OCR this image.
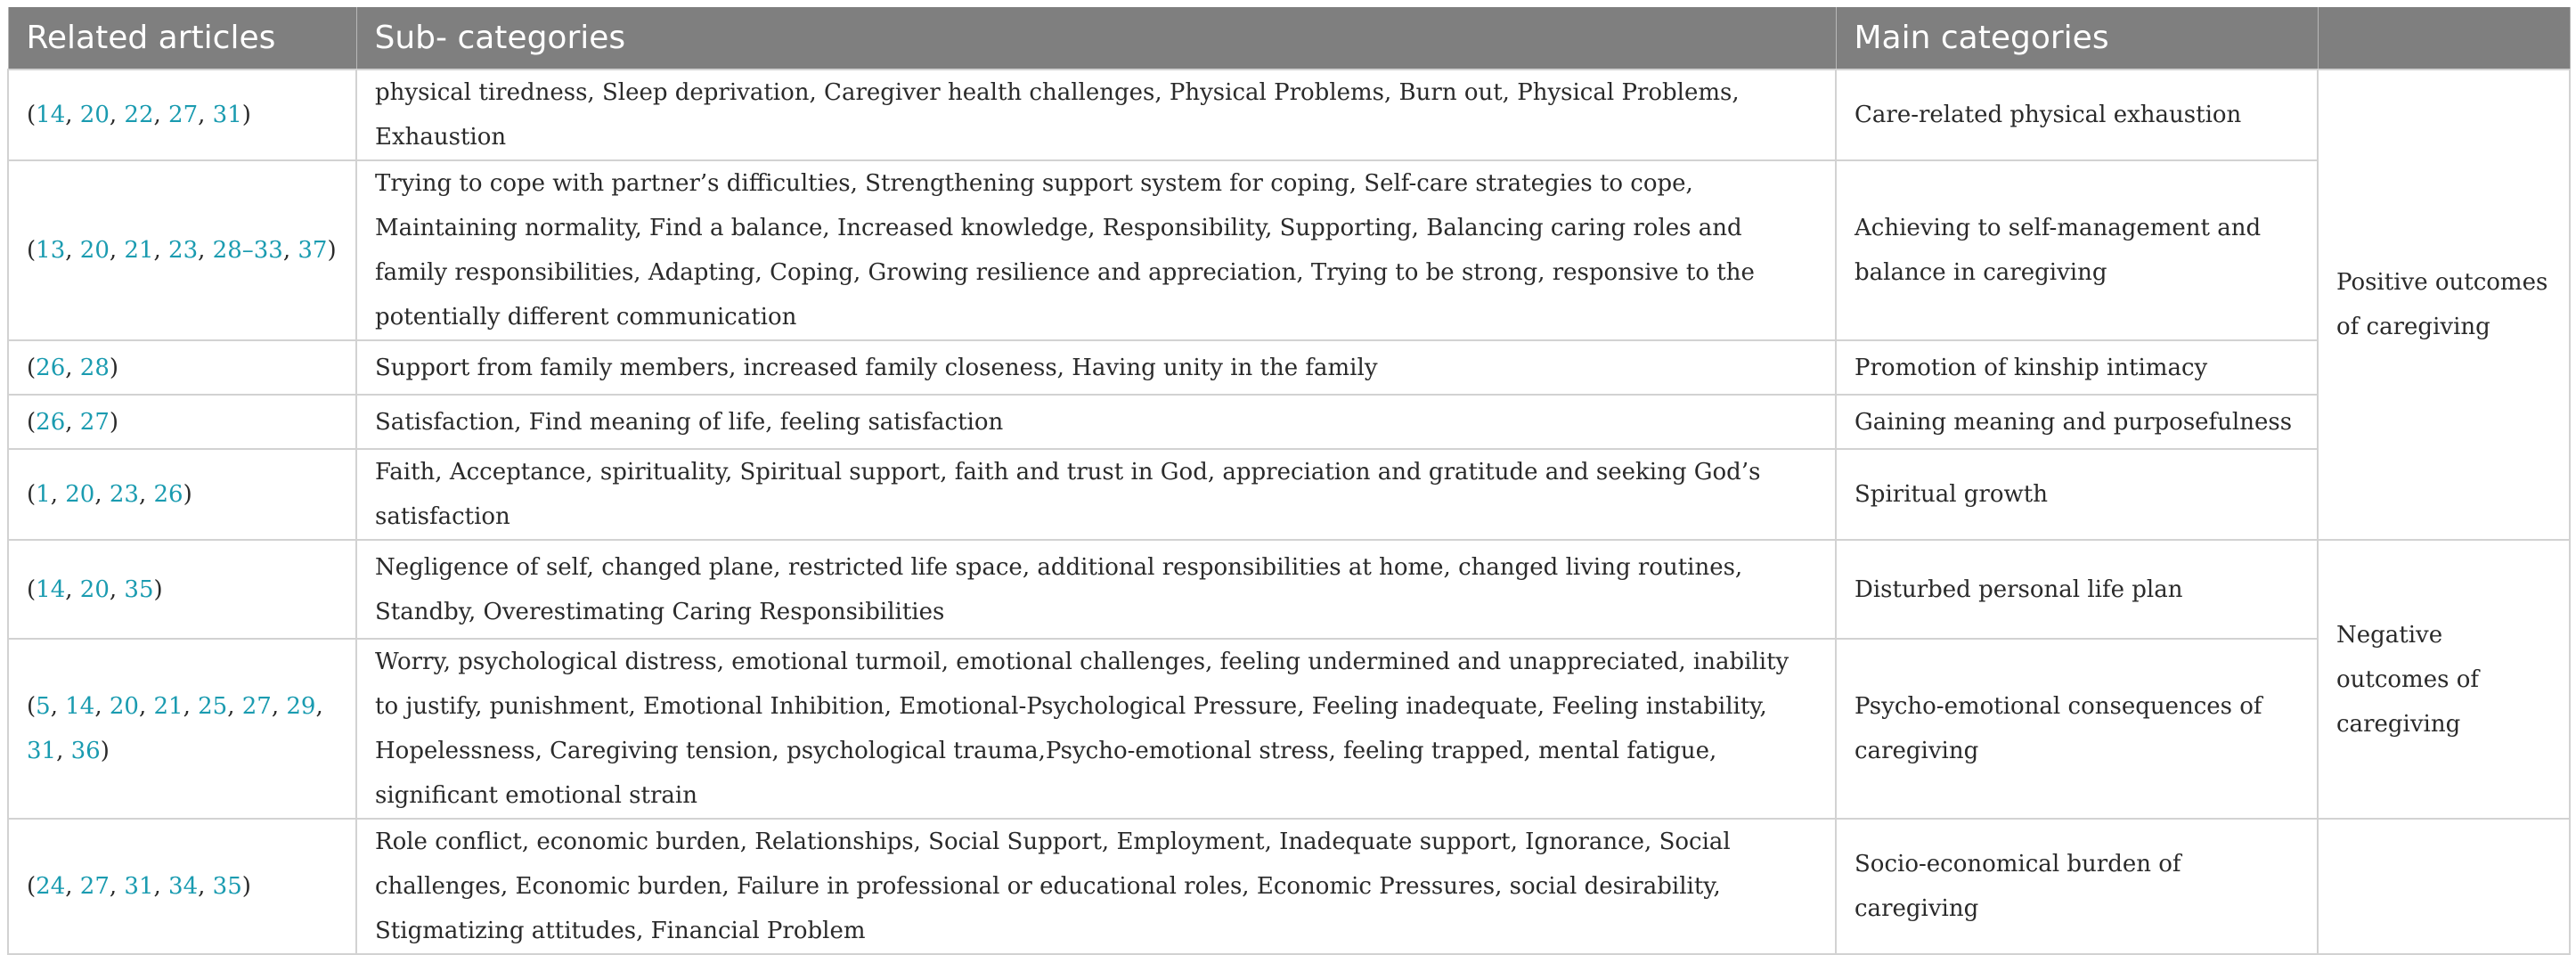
Related articles	Sub- categories	Main categories	
(14, 20, 22, 27, 31)	physical tiredness, Sleep deprivation, Caregiver health challenges, Physical Problems, Burn out, Physical Problems, Exhaustion	Care-related physical exhaustion	Positive outcomes of caregiving
(13, 20, 21, 23, 28–33, 37)	Trying to cope with partner’s difficulties, Strengthening support system for coping, Self-care strategies to cope, Maintaining normality, Find a balance, Increased knowledge, Responsibility, Supporting, Balancing caring roles and family responsibilities, Adapting, Coping, Growing resilience and appreciation, Trying to be strong, responsive to the potentially different communication	Achieving to self-management and balance in caregiving	
(26, 28)	Support from family members, increased family closeness, Having unity in the family	Promotion of kinship intimacy	
(26, 27)	Satisfaction, Find meaning of life, feeling satisfaction	Gaining meaning and purposefulness	
(1, 20, 23, 26)	Faith, Acceptance, spirituality, Spiritual support, faith and trust in God, appreciation and gratitude and seeking God’s satisfaction	Spiritual growth	
(14, 20, 35)	Negligence of self, changed plane, restricted life space, additional responsibilities at home, changed living routines, Standby, Overestimating Caring Responsibilities	Disturbed personal life plan	Negative outcomes of caregiving
(5, 14, 20, 21, 25, 27, 29, 31, 36)	Worry, psychological distress, emotional turmoil, emotional challenges, feeling undermined and unappreciated, inability to justify, punishment, Emotional Inhibition, Emotional-Psychological Pressure, Feeling inadequate, Feeling instability, Hopelessness, Caregiving tension, psychological trauma,Psycho-emotional stress, feeling trapped, mental fatigue, significant emotional strain	Psycho-emotional consequences of caregiving	
(24, 27, 31, 34, 35)	Role conflict, economic burden, Relationships, Social Support, Employment, Inadequate support, Ignorance, Social challenges, Economic burden, Failure in professional or educational roles, Economic Pressures, social desirability, Stigmatizing attitudes, Financial Problem	Socio-economical burden of caregiving	
